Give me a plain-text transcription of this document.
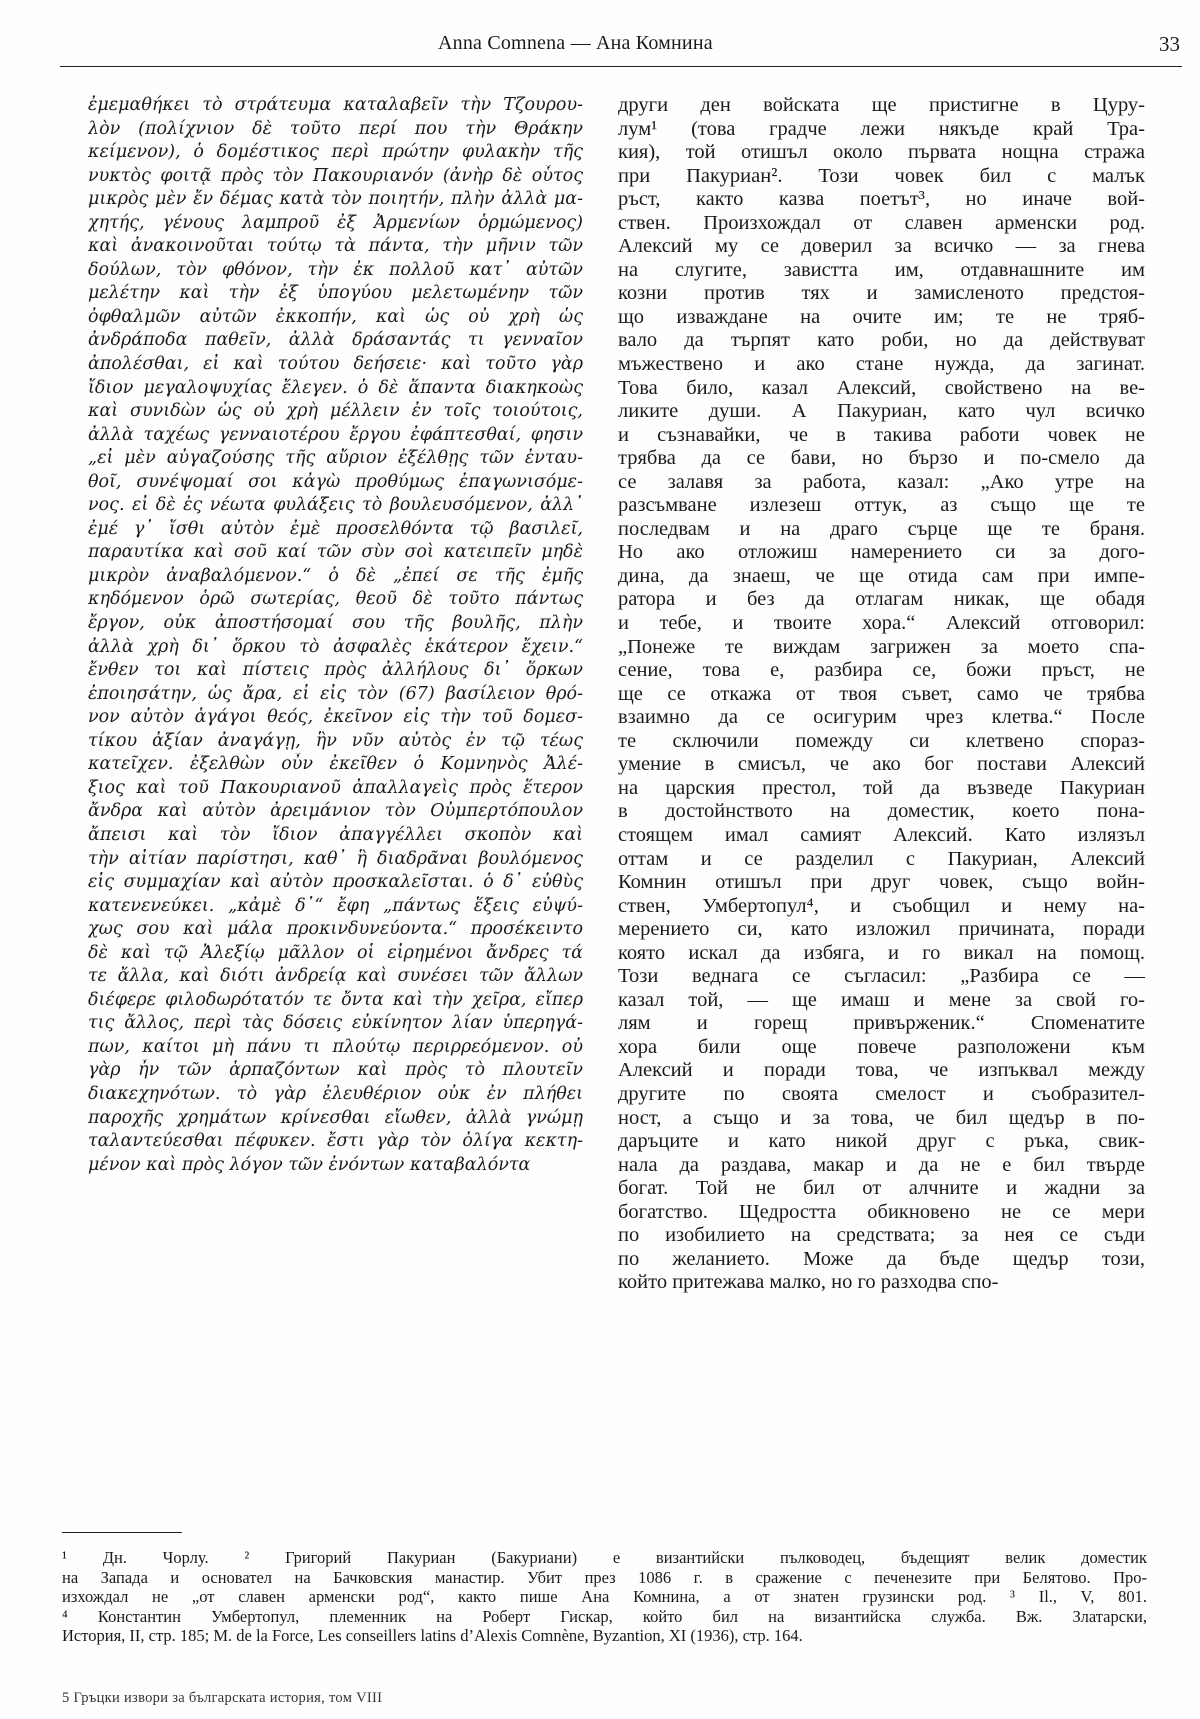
Anna Comnena — Ана Комнина	33
ἐμεμαθήκει τὸ στράτευμα καταλαβεῖν τὴν Τζουρου-
λὸν (πολίχνιον δὲ τοῦτο περί που τὴν Θράκην
κείμενον), ὁ δομέστικος περὶ πρώτην φυλακὴν τῆς
νυκτὸς φοιτᾷ πρὸς τὸν Πακουριανόν (ἀνὴρ δὲ οὗτος
μικρὸς μὲν ἔν δέμας κατὰ τὸν ποιητήν, πλὴν ἀλλὰ μα-
χητής, γένους λαμπροῦ ἐξ Ἀρμενίων ὁρμώμενος)
καὶ ἀνακοινοῦται τούτῳ τὰ πάντα, τὴν μῆνιν τῶν
δούλων, τὸν φθόνον, τὴν ἐκ πολλοῦ κατ᾽ αὐτῶν
μελέτην καὶ τὴν ἐξ ὑπογύου μελετωμένην τῶν
ὀφθαλμῶν αὐτῶν ἐκκοπήν, καὶ ὡς οὐ χρὴ ὡς
ἀνδράποδα παθεῖν, ἀλλὰ δράσαντάς τι γενναῖον
ἀπολέσθαι, εἰ καὶ τούτου δεήσειε· καὶ τοῦτο γὰρ
ἴδιον μεγαλοψυχίας ἔλεγεν. ὁ δὲ ἅπαντα διακηκοὼς
καὶ συνιδὼν ὡς οὐ χρὴ μέλλειν ἐν τοῖς τοιούτοις,
ἀλλὰ ταχέως γενναιοτέρου ἔργου ἐφάπτεσθαί, φησιν
„εἰ μὲν αὐγαζούσης τῆς αὔριον ἐξέλθῃς τῶν ἐνταυ-
θοῖ, συνέψομαί σοι κἀγὼ προθύμως ἐπαγωνισόμε-
νος. εἰ δὲ ἐς νέωτα φυλάξεις τὸ βουλευσόμενον, ἀλλ᾽
ἐμέ γ᾽ ἴσθι αὐτὸν ἐμὲ προσελθόντα τῷ βασιλεῖ,
παραυτίκα καὶ σοῦ καί τῶν σὺν σοὶ κατειπεῖν μηδὲ
μικρὸν ἀναβαλόμενον.“ ὁ δὲ „ἐπεί σε τῆς ἐμῆς
κηδόμενον ὁρῶ σωτερίας, θεοῦ δὲ τοῦτο πάντως
ἔργον, οὐκ ἀποστήσομαί σου τῆς βουλῆς, πλὴν
ἀλλὰ χρὴ δι᾽ ὅρκου τὸ ἀσφαλὲς ἑκάτερον ἔχειν.“
ἔνθεν τοι καὶ πίστεις πρὸς ἀλλήλους δι᾽ ὅρκων
ἐποιησάτην, ὡς ἄρα, εἰ εἰς τὸν (67) βασίλειον θρό-
νον αὐτὸν ἀγάγοι θεός, ἐκεῖνον εἰς τὴν τοῦ δομεσ-
τίκου ἀξίαν ἀναγάγῃ, ἣν νῦν αὐτὸς ἐν τῷ τέως
κατεῖχεν. ἐξελθὼν οὖν ἐκεῖθεν ὁ Κομνηνὸς Ἀλέ-
ξιος καὶ τοῦ Πακουριανοῦ ἀπαλλαγεὶς πρὸς ἕτερον
ἄνδρα καὶ αὐτὸν ἀρειμάνιον τὸν Οὐμπερτόπουλον
ἄπεισι καὶ τὸν ἴδιον ἀπαγγέλλει σκοπὸν καὶ
τὴν αἰτίαν παρίστησι, καθ᾽ ἣ διαδρᾶναι βουλόμενος
εἰς συμμαχίαν καὶ αὐτὸν προσκαλεῖσται. ὁ δ᾽ εὐθὺς
κατενενεύκει. „κἀμὲ δ᾽“ ἔφη „πάντως ἕξεις εὐψύ-
χως σου καὶ μάλα προκινδυνεύοντα.“ προσέκειντο
δὲ καὶ τῷ Ἀλεξίῳ μᾶλλον οἱ εἰρημένοι ἄνδρες τά
τε ἄλλα, καὶ διότι ἀνδρείᾳ καὶ συνέσει τῶν ἄλλων
διέφερε φιλοδωρότατόν τε ὄντα καὶ τὴν χεῖρα, εἴπερ
τις ἄλλος, περὶ τὰς δόσεις εὐκίνητον λίαν ὑπερηγά-
πων, καίτοι μὴ πάνυ τι πλούτῳ περιρρεόμενον. οὐ
γὰρ ἦν τῶν ἁρπαζόντων καὶ πρὸς τὸ πλουτεῖν
διακεχηνότων. τὸ γὰρ ἐλευθέριον οὐκ ἐν πλήθει
παροχῆς χρημάτων κρίνεσθαι εἴωθεν, ἀλλὰ γνώμῃ
ταλαντεύεσθαι πέφυκεν. ἔστι γὰρ τὸν ὀλίγα κεκτη-
μένον καὶ πρὸς λόγον τῶν ἐνόντων καταβαλόντα
други ден войската ще пристигне в Цуру-
лум¹ (това градче лежи някъде край Тра-
кия), той отишъл около първата нощна стража
при Пакуриан². Този човек бил с малък
ръст, както казва поетът³, но иначе вой-
ствен. Произхождал от славен арменски род.
Алексий му се доверил за всичко — за гнева
на слугите, завистта им, отдавнашните им
козни против тях и замисленото предстоя-
що изваждане на очите им; те не тряб-
вало да търпят като роби, но да действуват
мъжествено и ако стане нужда, да загинат.
Това било, казал Алексий, свойствено на ве-
ликите души. А Пакуриан, като чул всичко
и съзнавайки, че в такива работи човек не
трябва да се бави, но бързо и по-смело да
се залавя за работа, казал: „Ако утре на
разсъмване излезеш оттук, аз също ще те
последвам и на драго сърце ще те браня.
Но ако отложиш намерението си за дого-
дина, да знаеш, че ще отида сам при импе-
ратора и без да отлагам никак, ще обадя
и тебе, и твоите хора.“ Алексий отговорил:
„Понеже те виждам загрижен за моето спа-
сение, това е, разбира се, божи пръст, не
ще се откажа от твоя съвет, само че трябва
взаимно да се осигурим чрез клетва.“ После
те сключили помежду си клетвено спораз-
умение в смисъл, че ако бог постави Алексий
на царския престол, той да възведе Пакуриан
в достойнството на доместик, което пона-
стоящем имал самият Алексий. Като излязъл
оттам и се разделил с Пакуриан, Алексий
Комнин отишъл при друг човек, също войн-
ствен, Умбертопул⁴, и съобщил и нему на-
мерението си, като изложил причината, поради
която искал да избяга, и го викал на помощ.
Този веднага се съгласил: „Разбира се —
казал той, — ще имаш и мене за свой го-
лям и горещ привърженик.“ Споменатите
хора били още повече разположени към
Алексий и поради това, че изпъквал между
другите по своята смелост и съобразител-
ност, а също и за това, че бил щедър в по-
даръците и като никой друг с ръка, свик-
нала да раздава, макар и да не е бил твърде
богат. Той не бил от алчните и жадни за
богатство. Щедростта обикновено не се мери
по изобилието на средствата; за нея се съди
по желанието. Може да бъде щедър този,
който притежава малко, но го разходва спо-
¹ Дн. Чорлу. ² Григорий Пакуриан (Бакуриани) е византийски пълководец, бъдещият велик доместик
на Запада и основател на Бачковския манастир. Убит през 1086 г. в сражение с печенезите при Белятово. Про-
изхождал не „от славен арменски род“, както пише Ана Комнина, а от знатен грузински род. ³ Il., V, 801.
⁴ Константин Умбертопул, племенник на Роберт Гискар, който бил на византийска служба. Вж. Златарски,
История, II, стр. 185; M. de la Force, Les conseillers latins d’Alexis Comnène, Byzantion, XI (1936), стр. 164.
5 Гръцки извори за българската история, том VIII
